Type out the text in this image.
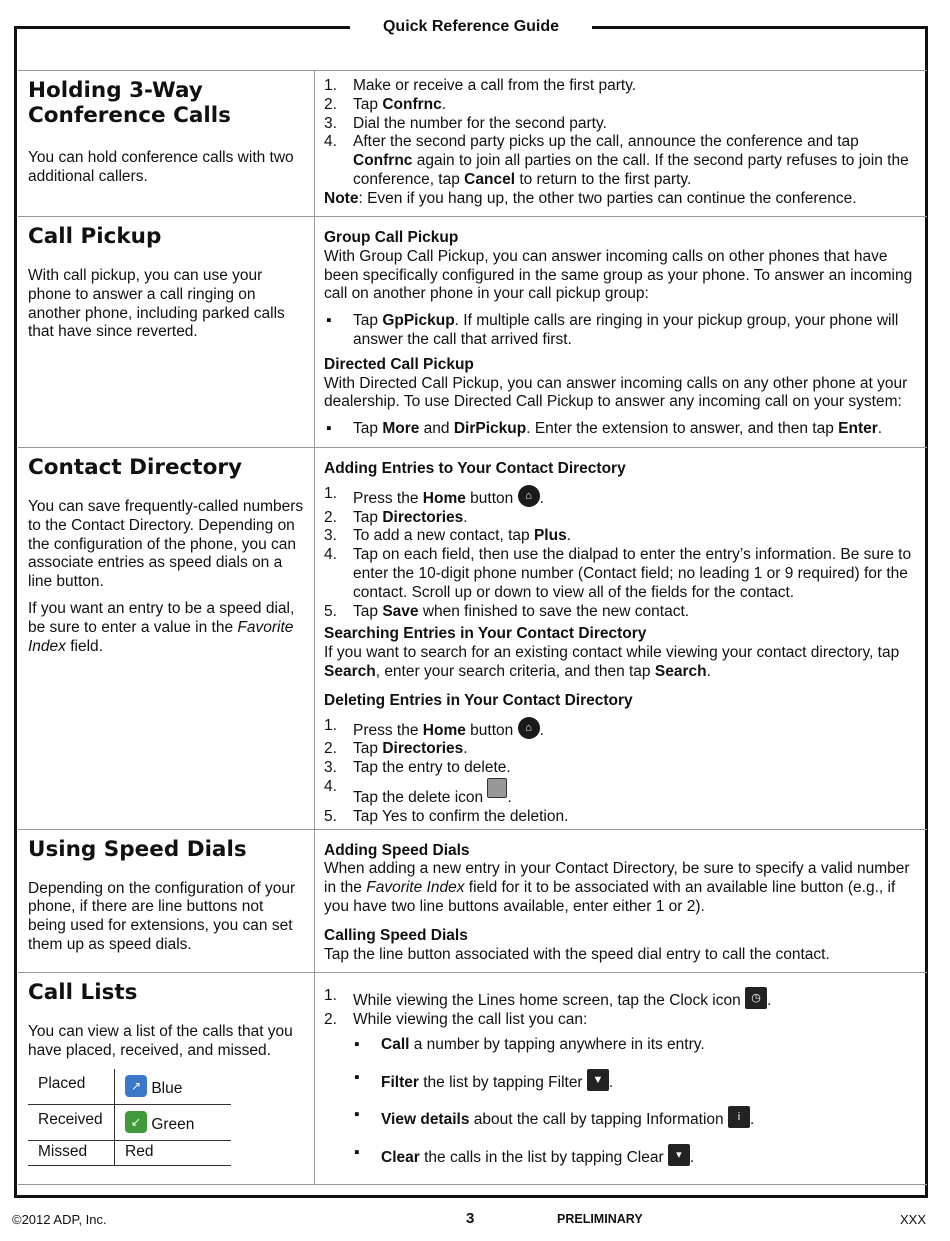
Quick Reference Guide
Holding 3-Way Conference Calls

You can hold conference calls with two additional callers.

1. Make or receive a call from the first party.
2. Tap Confrnc.
3. Dial the number for the second party.
4. After the second party picks up the call, announce the conference and tap Confrnc again to join all parties on the call. If the second party refuses to join the conference, tap Cancel to return to the first party.
Note: Even if you hang up, the other two parties can continue the conference.

Call Pickup

With call pickup, you can use your phone to answer a call ringing on another phone, including parked calls that have since reverted.

Group Call Pickup
With Group Call Pickup, you can answer incoming calls on other phones that have been specifically configured in the same group as your phone. To answer an incoming call on another phone in your call pickup group:
▪ Tap GpPickup. If multiple calls are ringing in your pickup group, your phone will answer the call that arrived first.
Directed Call Pickup
With Directed Call Pickup, you can answer incoming calls on any other phone at your dealership. To use Directed Call Pickup to answer any incoming call on your system:
▪ Tap More and DirPickup. Enter the extension to answer, and then tap Enter.

Contact Directory

You can save frequently-called numbers to the Contact Directory. Depending on the configuration of the phone, you can associate entries as speed dials on a line button.

If you want an entry to be a speed dial, be sure to enter a value in the Favorite Index field.

Adding Entries to Your Contact Directory
1. Press the Home button ⌂ .
2. Tap Directories.
3. To add a new contact, tap Plus.
4. Tap on each field, then use the dialpad to enter the entry’s information. Be sure to enter the 10-digit phone number (Contact field; no leading 1 or 9 required) for the contact. Scroll up or down to view all of the fields for the contact.
5. Tap Save when finished to save the new contact.
Searching Entries in Your Contact Directory
If you want to search for an existing contact while viewing your contact directory, tap Search, enter your search criteria, and then tap Search.
Deleting Entries in Your Contact Directory
1. Press the Home button ⌂ .
2. Tap Directories.
3. Tap the entry to delete.
4.
Tap the delete icon .
5. Tap Yes to confirm the deletion.

Using Speed Dials

Depending on the configuration of your phone, if there are line buttons not being used for extensions, you can set them up as speed dials.

Adding Speed Dials
When adding a new entry in your Contact Directory, be sure to specify a valid number in the Favorite Index field for it to be associated with an available line button (e.g., if you have two line buttons available, enter either 1 or 2).
Calling Speed Dials
Tap the line button associated with the speed dial entry to call the contact.

Call Lists

You can view a list of the calls that you have placed, received, and missed.

Placed	↗ Blue
Received	↙ Green
Missed	Red

1. While viewing the Lines home screen, tap the Clock icon ◷ .
2. While viewing the call list you can:
▪ Call a number by tapping anywhere in its entry.
▪ Filter the list by tapping Filter ▼ .
▪ View details about the call by tapping Information i .
▪ Clear the calls in the list by tapping Clear ▾ .
©2012 ADP, Inc.	3	PRELIMINARY	XXX
